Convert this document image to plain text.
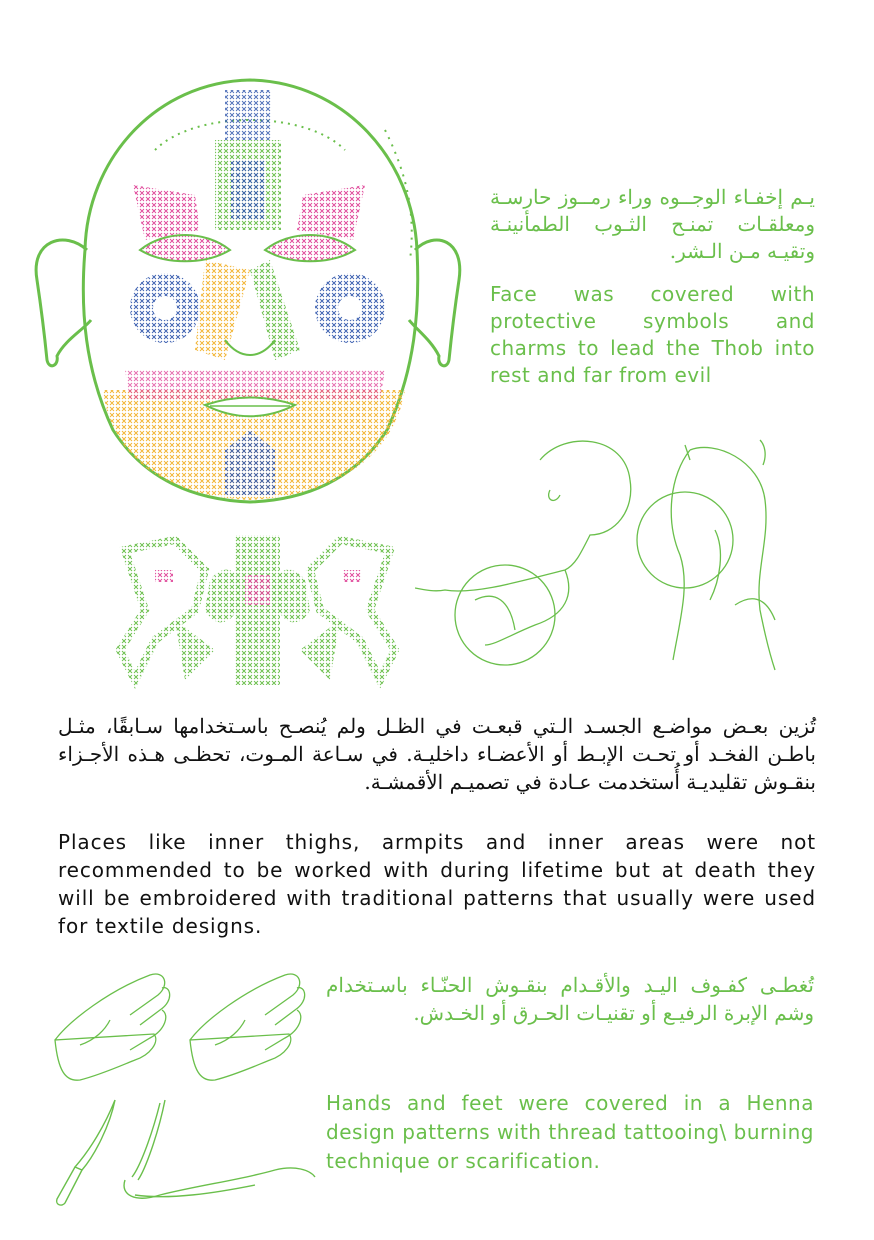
يـم إخفـاء الوجــوه وراء رمــوز حارسـة ومعلقـات تمنـح الثـوب الطمأنينـة وتقيـه مـن الـشر.
Face was covered with protective symbols and charms to lead the Thob into rest and far from evil
تُزين بعـض مواضـع الجسـد الـتي قبعـت في الظـل ولم يُنصـح باسـتخدامها سـابقًا، مثـل باطـن الفخـد أو تحـت الإبـط أو الأعضـاء داخليـة. في سـاعة المـوت، تحظـى هـذه الأجـزاء بنقـوش تقليديـة أُستخدمت عـادة في تصميـم الأقمشـة.
Places like inner thighs, armpits and inner areas were not recommended to be worked with during lifetime but at death they will be embroidered with traditional patterns that usually were used for textile designs.
تُغطـى كفـوف اليـد والأقـدام بنقـوش الحنّـاء باسـتخدام وشم الإبرة الرفيـع أو تقنيـات الحـرق أو الخـدش.
Hands and feet were covered in a Henna design patterns with thread tattooing\ burning technique or scarification.
